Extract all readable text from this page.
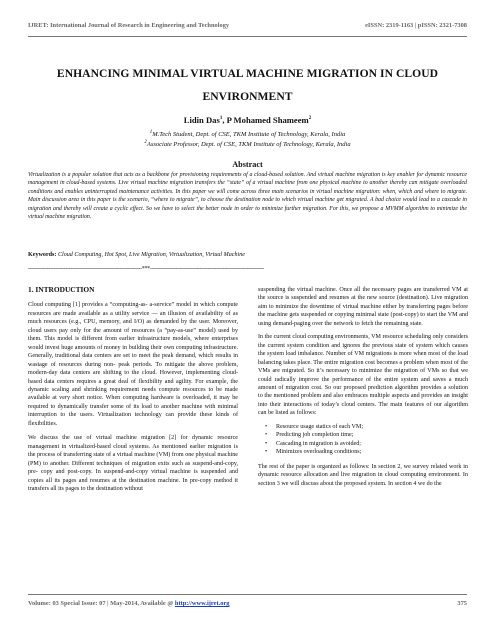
IJRET: International Journal of Research in Engineering and Technology	eISSN: 2319-1163 | pISSN: 2321-7308
ENHANCING MINIMAL VIRTUAL MACHINE MIGRATION IN CLOUD ENVIRONMENT
Lidin Das$^1$, P Mohamed Shameem$^2$
$^1$M.Tech Student, Dept. of CSE, TKM Institute of Technology, Kerala, India
$^2$Associate Professor, Dept. of CSE, TKM Institute of Technology, Kerala, India
Abstract
Virtualization is a popular solution that acts as a backbone for provisioning requirements of a cloud-based solution. And virtual machine migration is key enabler for dynamic resource management in cloud-based systems. Live virtual machine migration transfers the “state” of a virtual machine from one physical machine to another thereby can mitigate overloaded conditions and enables uninterrupted maintenance activities. In this paper we will come across three main scenarios in virtual machine migration: when, which and where to migrate. Main discussion area in this paper is the scenario, “where to migrate”, to choose the destination node to which virtual machine get migrated. A bad choice would lead to a cascade in migration and thereby will create a cyclic effect. So we have to select the better node in order to minimize further migration. For this, we propose a MVMM algorithm to minimize the virtual machine migration.
Keywords: Cloud Computing, Hot Spot, Live Migration, Virtualization, Virtual Machine
-------------------------------------------------------------------***-------------------------------------------------------------------
1. INTRODUCTION

Cloud computing [1] provides a “computing-as- a-service” model in which compute resources are made available as a utility service — an illusion of availability of as much resources (e.g., CPU, memory, and I/O) as demanded by the user. Moreover, cloud users pay only for the amount of resources (a “pay-as-use” model) used by them. This model is different from earlier infrastructure models, where enterprises would invest huge amounts of money in building their own computing infrastructure. Generally, traditional data centers are set to meet the peak demand, which results in wastage of resources during non- peak periods. To mitigate the above problem, modern-day data centers are shifting to the cloud. However, implementing cloud-based data centers requires a great deal of flexibility and agility. For example, the dynamic scaling and shrinking requirement needs compute resources to be made available at very short notice. When computing hardware is overloaded, it may be required to dynamically transfer some of its load to another machine with minimal interruption to the users. Virtualization technology can provide these kinds of flexibilities.

We discuss the use of virtual machine migration [2] for dynamic resource management in virtualized-based cloud systems. As mentioned earlier migration is the process of transferring state of a virtual machine (VM) from one physical machine (PM) to another. Different techniques of migration exits such as suspend-and-copy, pre- copy and post-copy. In suspend-and-copy virtual machine is suspended and copies all its pages and resumes at the destination machine. In pre-copy method it transfers all its pages to the destination without

suspending the virtual machine. Once all the necessary pages are transferred VM at the source is suspended and resumes at the new source (destination). Live migration aim to minimize the downtime of virtual machine either by transferring pages before the machine gets suspended or copying minimal state (post-copy) to start the VM and using demand-paging over the network to fetch the remaining state.

In the current cloud computing environments, VM resource scheduling only considers the current system condition and ignores the previous state of system which causes the system load imbalance. Number of VM migrations is more when most of the load balancing takes place. The entire migration cost becomes a problem when most of the VMs are migrated. So it’s necessary to minimize the migration of VMs so that we could radically improve the performance of the entire system and saves a much amount of migration cost. So our proposed prediction algorithm provides a solution to the mentioned problem and also embraces multiple aspects and provides an insight into their interactions of today’s cloud centers. The main features of our algorithm can be listed as follows:

• Resource usage statics of each VM;
• Predicting job completion time;
• Cascading in migration is avoided;
• Minimizes overloading conditions;

The rest of the paper is organized as follows: In section 2, we survey related work in dynamic resource allocation and live migration in cloud computing environment. In section 3 we will discuss about the proposed system. In section 4 we do the

Volume: 03 Special Issue: 07 | May-2014, Available @ http://www.ijret.org	375
